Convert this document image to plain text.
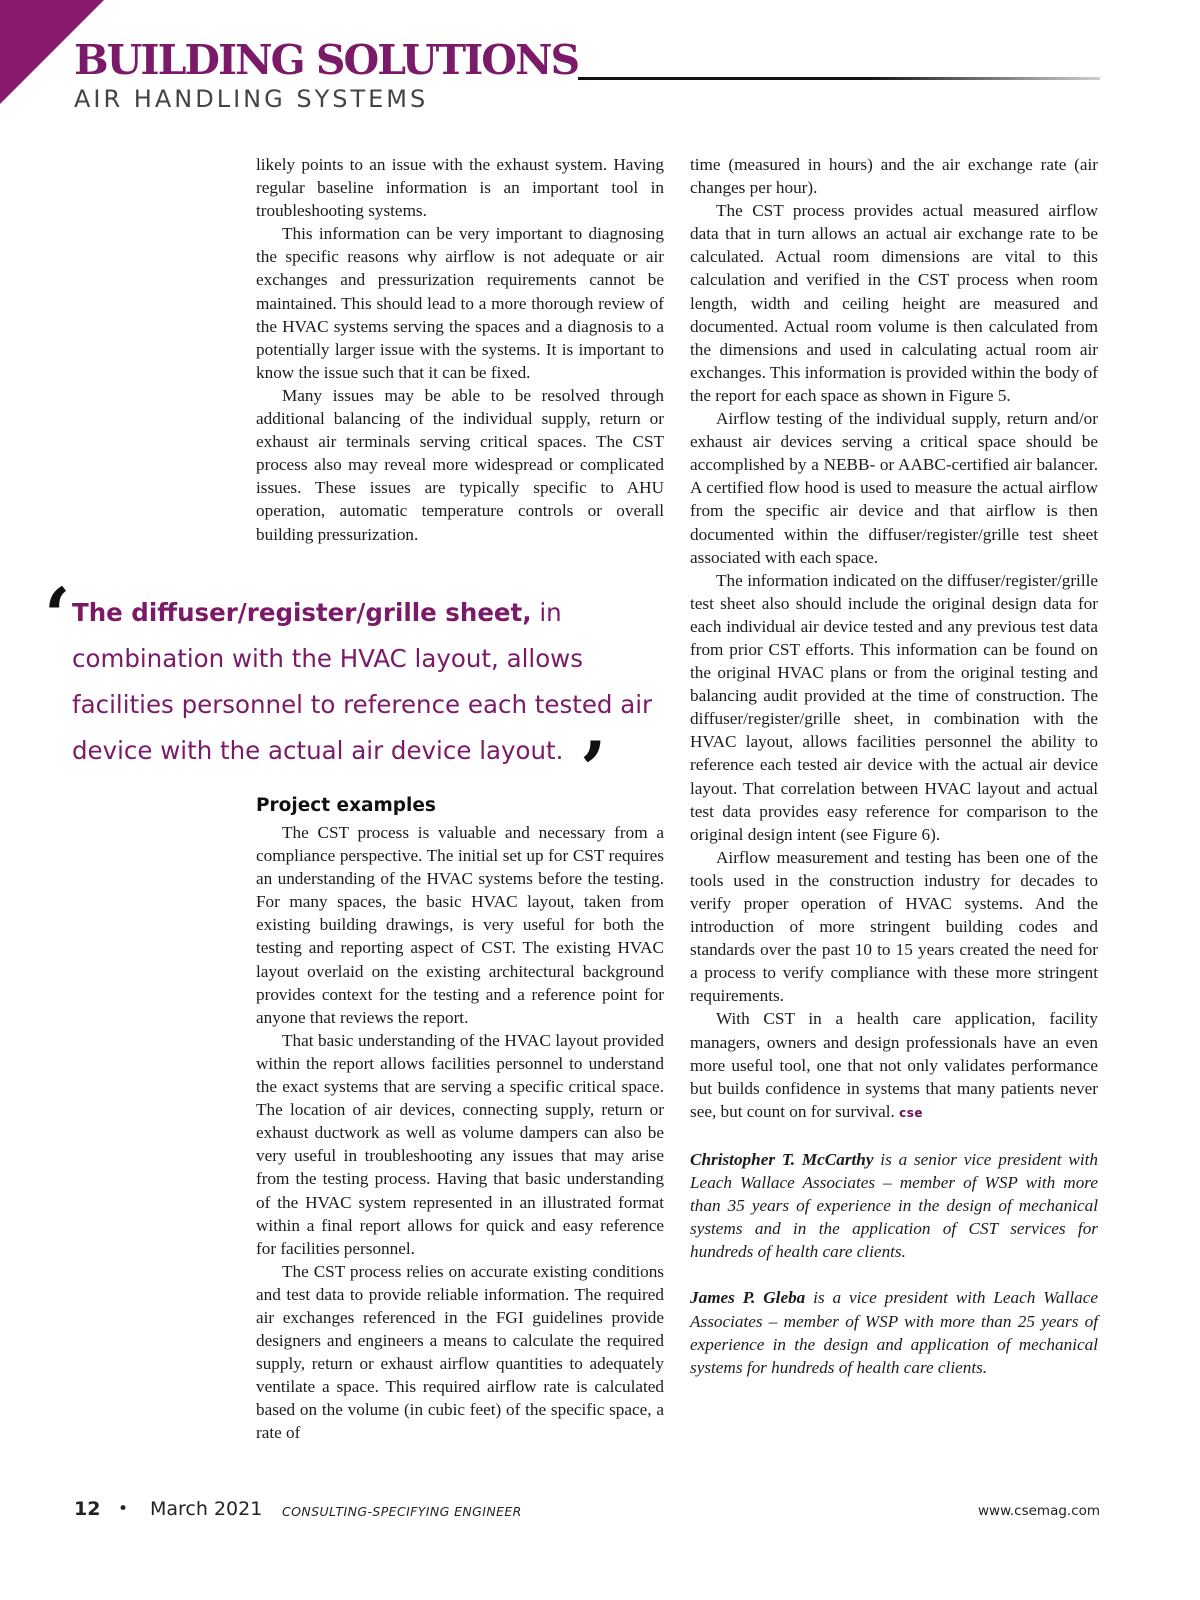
BUILDING SOLUTIONS
AIR HANDLING SYSTEMS

likely points to an issue with the exhaust system. Having regular baseline information is an important tool in troubleshooting systems.

This information can be very important to diagnosing the specific reasons why airflow is not adequate or air exchanges and pressurization requirements cannot be maintained. This should lead to a more thorough review of the HVAC systems serving the spaces and a diagnosis to a potentially larger issue with the systems. It is important to know the issue such that it can be fixed.

Many issues may be able to be resolved through additional balancing of the individual supply, return or exhaust air terminals serving critical spaces. The CST process also may reveal more widespread or complicated issues. These issues are typically specific to AHU operation, automatic temperature controls or overall building pressurization.

‘ The diffuser/register/grille sheet, in combination with the HVAC layout, allows facilities personnel to reference each tested air device with the actual air device layout. ’
Project examples

The CST process is valuable and necessary from a compliance perspective. The initial set up for CST requires an understanding of the HVAC systems before the testing. For many spaces, the basic HVAC layout, taken from existing building drawings, is very useful for both the testing and reporting aspect of CST. The existing HVAC layout overlaid on the existing architectural background provides context for the testing and a reference point for anyone that reviews the report.

That basic understanding of the HVAC layout provided within the report allows facilities personnel to understand the exact systems that are serving a specific critical space. The location of air devices, connecting supply, return or exhaust ductwork as well as volume dampers can also be very useful in troubleshooting any issues that may arise from the testing process. Having that basic understanding of the HVAC system represented in an illustrated format within a final report allows for quick and easy reference for facilities personnel.

The CST process relies on accurate existing conditions and test data to provide reliable information. The required air exchanges referenced in the FGI guidelines provide designers and engineers a means to calculate the required supply, return or exhaust airflow quantities to adequately ventilate a space. This required airflow rate is calculated based on the volume (in cubic feet) of the specific space, a rate of

time (measured in hours) and the air exchange rate (air changes per hour).

The CST process provides actual measured airflow data that in turn allows an actual air exchange rate to be calculated. Actual room dimensions are vital to this calculation and verified in the CST process when room length, width and ceiling height are measured and documented. Actual room volume is then calculated from the dimensions and used in calculating actual room air exchanges. This information is provided within the body of the report for each space as shown in Figure 5.

Airflow testing of the individual supply, return and/or exhaust air devices serving a critical space should be accomplished by a NEBB- or AABC-certified air balancer. A certified flow hood is used to measure the actual airflow from the specific air device and that airflow is then documented within the diffuser/register/grille test sheet associated with each space.

The information indicated on the diffuser/register/grille test sheet also should include the original design data for each individual air device tested and any previous test data from prior CST efforts. This information can be found on the original HVAC plans or from the original testing and balancing audit provided at the time of construction. The diffuser/register/grille sheet, in combination with the HVAC layout, allows facilities personnel the ability to reference each tested air device with the actual air device layout. That correlation between HVAC layout and actual test data provides easy reference for comparison to the original design intent (see Figure 6).

Airflow measurement and testing has been one of the tools used in the construction industry for decades to verify proper operation of HVAC systems. And the introduction of more stringent building codes and standards over the past 10 to 15 years created the need for a process to verify compliance with these more stringent requirements.

With CST in a health care application, facility managers, owners and design professionals have an even more useful tool, one that not only validates performance but builds confidence in systems that many patients never see, but count on for survival. cse

Christopher T. McCarthy is a senior vice president with Leach Wallace Associates – member of WSP with more than 35 years of experience in the design of mechanical systems and in the application of CST services for hundreds of health care clients.

James P. Gleba is a vice president with Leach Wallace Associates – member of WSP with more than 25 years of experience in the design and application of mechanical systems for hundreds of health care clients.

12 • March 2021 CONSULTING-SPECIFYING ENGINEER	www.csemag.com
